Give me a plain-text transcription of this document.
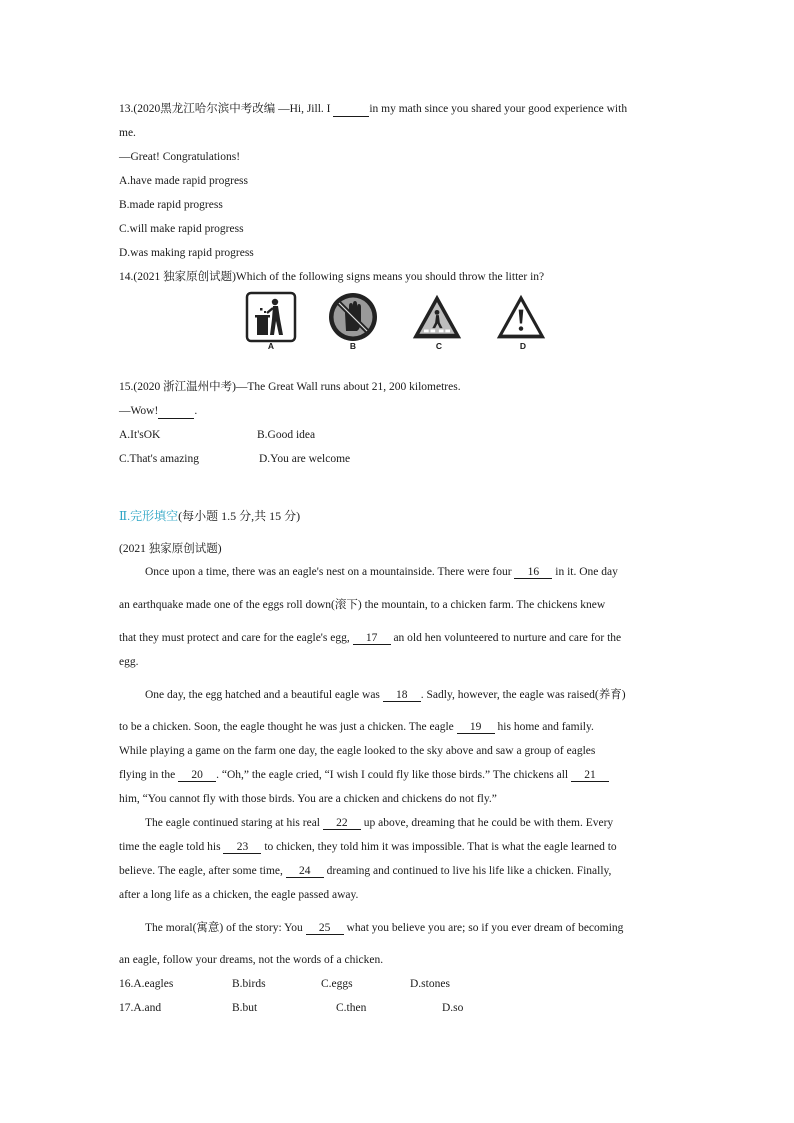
13.(2020黑龙江哈尔滨中考改编 —Hi, Jill. I	in my math since you shared your good experience with
me.
—Great! Congratulations!
A.have made rapid progress
B.made rapid progress
C.will make rapid progress
D.was making rapid progress
14.(2021 独家原创试题)Which of the following signs means you should throw the litter in?
A	B	C	D
15.(2020 浙江温州中考)—The Great Wall runs about 21, 200 kilometres.
—Wow!	.
A.It'sOK	B.Good idea
C.That's amazing	D.You are welcome
Ⅱ.完形填空(每小题 1.5 分,共 15 分)
(2021 独家原创试题)
Once upon a time, there was an eagle's nest on a mountainside. There were four 16 in it. One day
an earthquake made one of the eggs roll down(滚下) the mountain, to a chicken farm. The chickens knew
that they must protect and care for the eagle's egg, 17 an old hen volunteered to nurture and care for the
egg.
One day, the egg hatched and a beautiful eagle was 18 . Sadly, however, the eagle was raised(养育)
to be a chicken. Soon, the eagle thought he was just a chicken. The eagle 19 his home and family.
While playing a game on the farm one day, the eagle looked to the sky above and saw a group of eagles
flying in the 20 . “Oh,” the eagle cried, “I wish I could fly like those birds.” The chickens all 21
him, “You cannot fly with those birds. You are a chicken and chickens do not fly.”
The eagle continued staring at his real 22 up above, dreaming that he could be with them. Every
time the eagle told his 23 to chicken, they told him it was impossible. That is what the eagle learned to
believe. The eagle, after some time, 24 dreaming and continued to live his life like a chicken. Finally,
after a long life as a chicken, the eagle passed away.
The moral(寓意) of the story: You 25 what you believe you are; so if you ever dream of becoming
an eagle, follow your dreams, not the words of a chicken.
16.A.eagles	B.birds	C.eggs	D.stones
17.A.and	B.but	C.then	D.so
